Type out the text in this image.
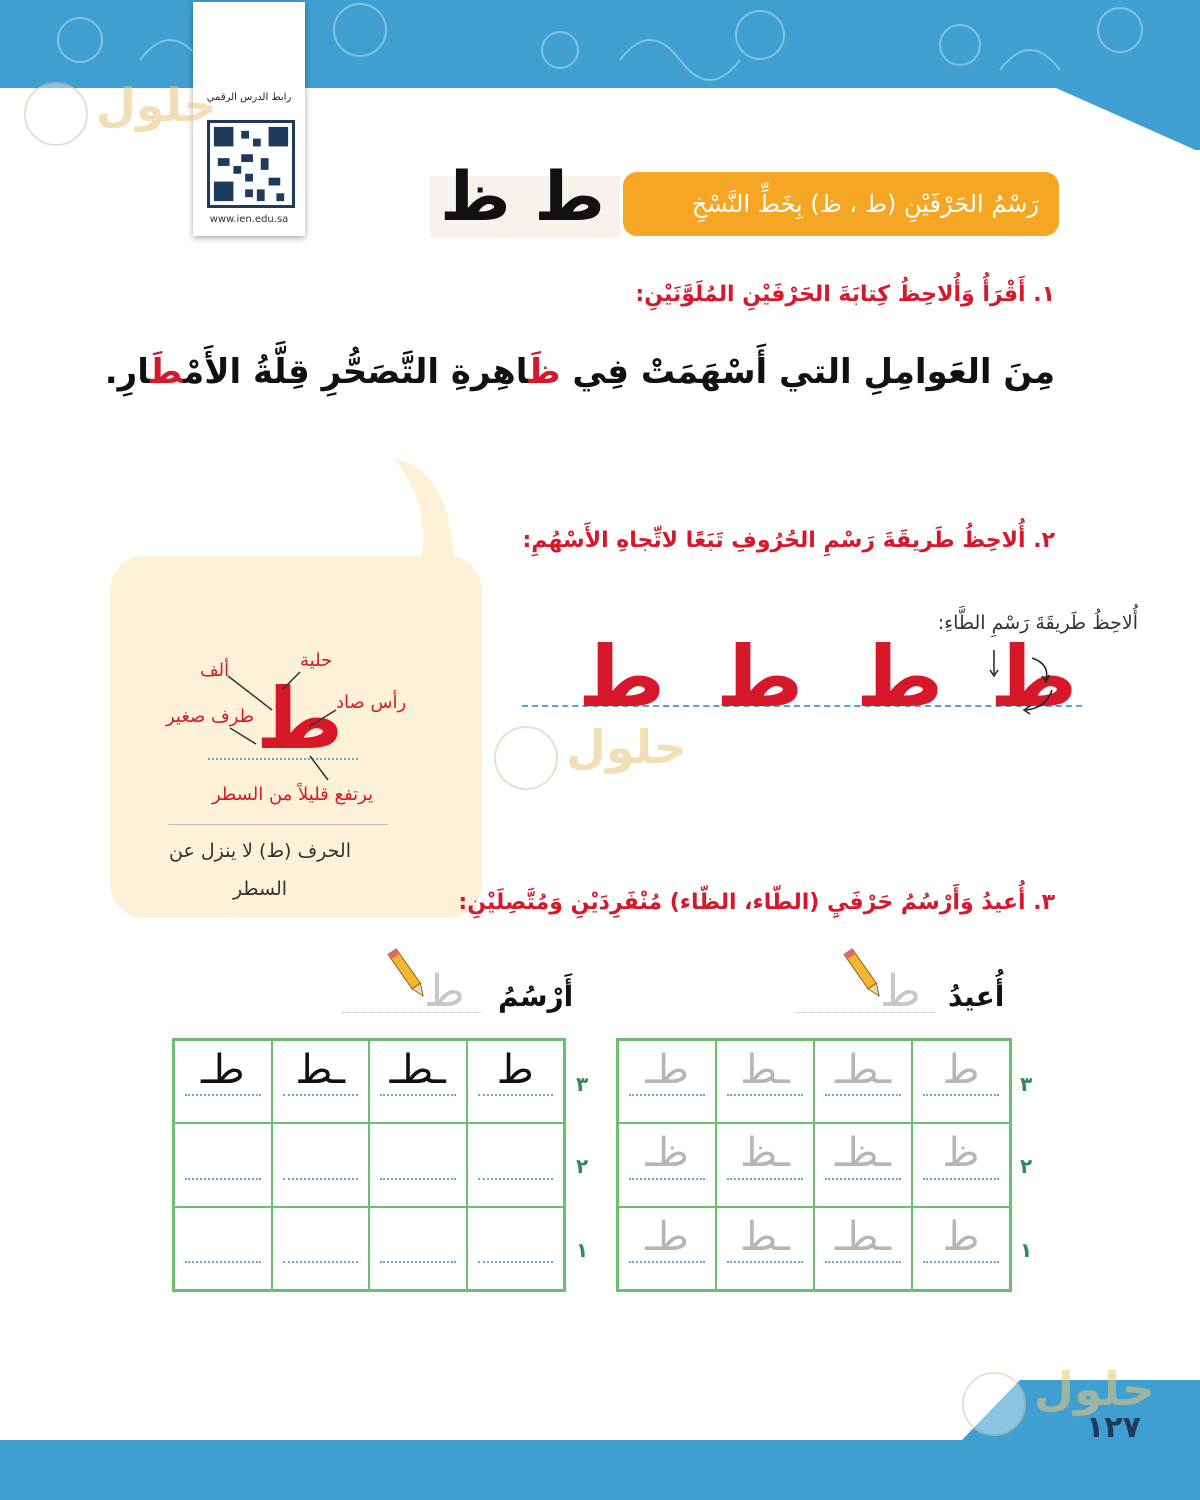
رابط الدرس الرقمي
www.ien.edu.sa
حلول
حلول
ط ظ	رَسْمُ الحَرْفَيْنِ (ط ، ظ) بِخَطِّ النَّسْخِ
١. أَقْرَأُ وَأُلاحِظُ كِتابَةَ الحَرْفَيْنِ المُلَوَّنَيْنِ:
مِنَ العَوامِلِ التي أَسْهَمَتْ فِي ظَاهِرةِ التَّصَحُّرِ قِلَّةُ الأَمْطَارِ.
٢. أُلاحِظُ طَريقَةَ رَسْمِ الحُرُوفِ تَبَعًا لاتِّجاهِ الأَسْهُمِ:
أُلاحِظُ طَريقَةَ رَسْمِ الطَّاءِ:
ط
ألف	حلية
رأس صاد
طرف صغير
يرتفع قليلاً من السطر
الحرف (ط) لا ينزل عن السطر
ط ط ط ط
٣. أُعيدُ وَأَرْسُمُ حَرْفَيِ (الطّاء، الظّاء) مُنْفَرِدَيْنِ وَمُتَّصِلَيْنِ:
أُعيدُ
أَرْسُمُ	ط
ط
طـ	ـط	ـطـ	ط
ظـ	ـظ	ـظـ	ظ
طـ	ـط	ـطـ	ط
٣
٢
١
طـ	ـط	ـطـ	ط	٣
٢
١
حلول
١٢٧
